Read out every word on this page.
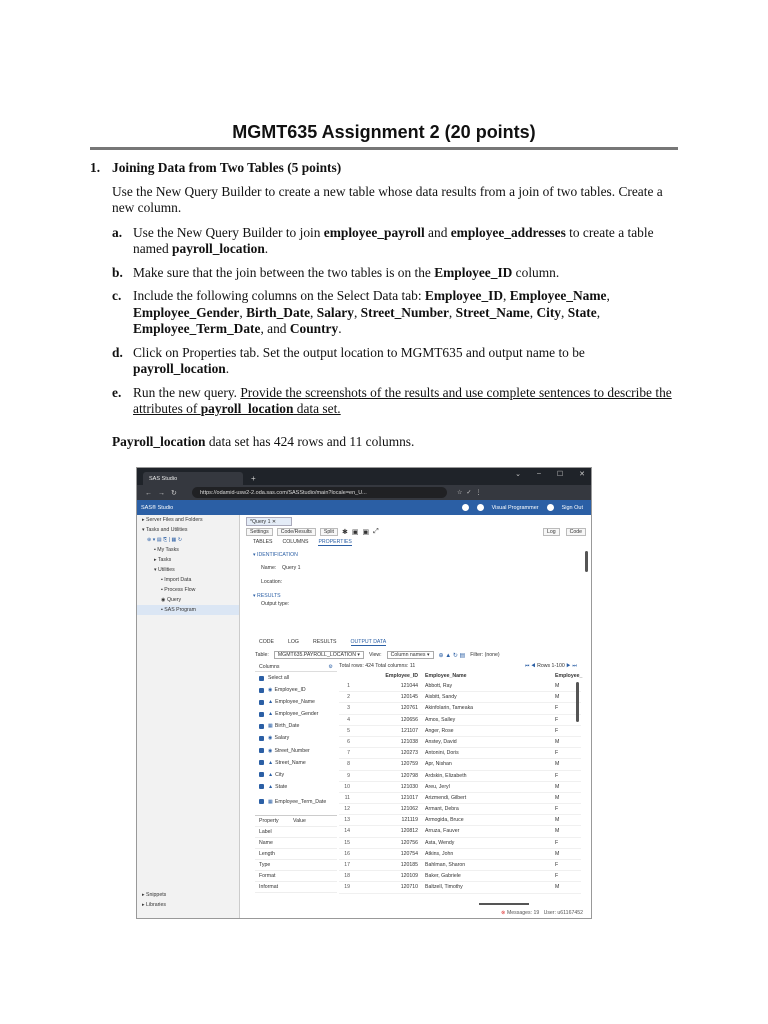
MGMT635 Assignment 2 (20 points)
1. Joining Data from Two Tables (5 points)
Use the New Query Builder to create a new table whose data results from a join of two tables. Create a new column.
a. Use the New Query Builder to join employee_payroll and employee_addresses to create a table named payroll_location.
b. Make sure that the join between the two tables is on the Employee_ID column.
c. Include the following columns on the Select Data tab: Employee_ID, Employee_Name, Employee_Gender, Birth_Date, Salary, Street_Number, Street_Name, City, State, Employee_Term_Date, and Country.
d. Click on Properties tab. Set the output location to MGMT635 and output name to be payroll_location.
e. Run the new query. Provide the screenshots of the results and use complete sentences to describe the attributes of payroll_location data set.
Payroll_location data set has 424 rows and 11 columns.
SAS Studio	+	⌄ – ☐ ✕
←→↻	https://odamid-usw2-2.oda.sas.com/SASStudio/main?locale=en_U...	☆✓⋮
SAS® Studio	Visual Programmer	Sign Out
▸ Server Files and Folders
▾ Tasks and Utilities
⊕ ▾ ▤ ⎘ | ▦ ↻
▪ My Tasks
▸ Tasks
▾ Utilities
▪ Import Data
▪ Process Flow
◉ Query
▪ SAS Program
▸ Snippets
▸ Libraries
*Query 1 ✕
Settings	Code/Results	Split	✱ ▣ ▣ ⤢	Log	Code
TABLES COLUMNS PROPERTIES
▾ IDENTIFICATION
Name: Query 1
Location:
▾ RESULTS
Output type:
CODE	LOG	RESULTS	OUTPUT DATA
Table:	MGMT635.PAYROLL_LOCATION ▾	View:	Column names ▾	⊕ ▲ ↻ ▤ Filter: (none)
Columns	⚙
Select all
◉ Employee_ID
▲ Employee_Name
▲ Employee_Gender
▦ Birth_Date
◉ Salary
◉ Street_Number
▲ Street_Name
▲ City
▲ State
▦ Employee_Term_Date
Property	Value
Label
Name
Length
Type
Format
Informat
Total rows: 424 Total columns: 11	⏮ ◀ Rows 1-100 ▶ ⏭
Employee_ID	Employee_Name	Employee_
1	121044	Abbott, Ray	M
2	120145	Aisbitt, Sandy	M
3	120761	Akinfolarin, Tameaka	F
4	120656	Amos, Salley	F
5	121107	Anger, Rose	F
6	121038	Anstey, David	M
7	120273	Antonini, Doris	F
8	120759	Apr, Nishan	M
9	120798	Ardskin, Elizabeth	F
10	121030	Areu, Jeryl	M
11	121017	Arizmendi, Gilbert	M
12	121062	Armant, Debra	F
13	121119	Armogida, Bruce	M
14	120812	Arruza, Fauver	M
15	120756	Asta, Wendy	F
16	120754	Atkins, John	M
17	120185	Bahlman, Sharon	F
18	120109	Baker, Gabriele	F
19	120710	Baltzell, Timothy	M
⊗ Messages: 19 User: u61167452
